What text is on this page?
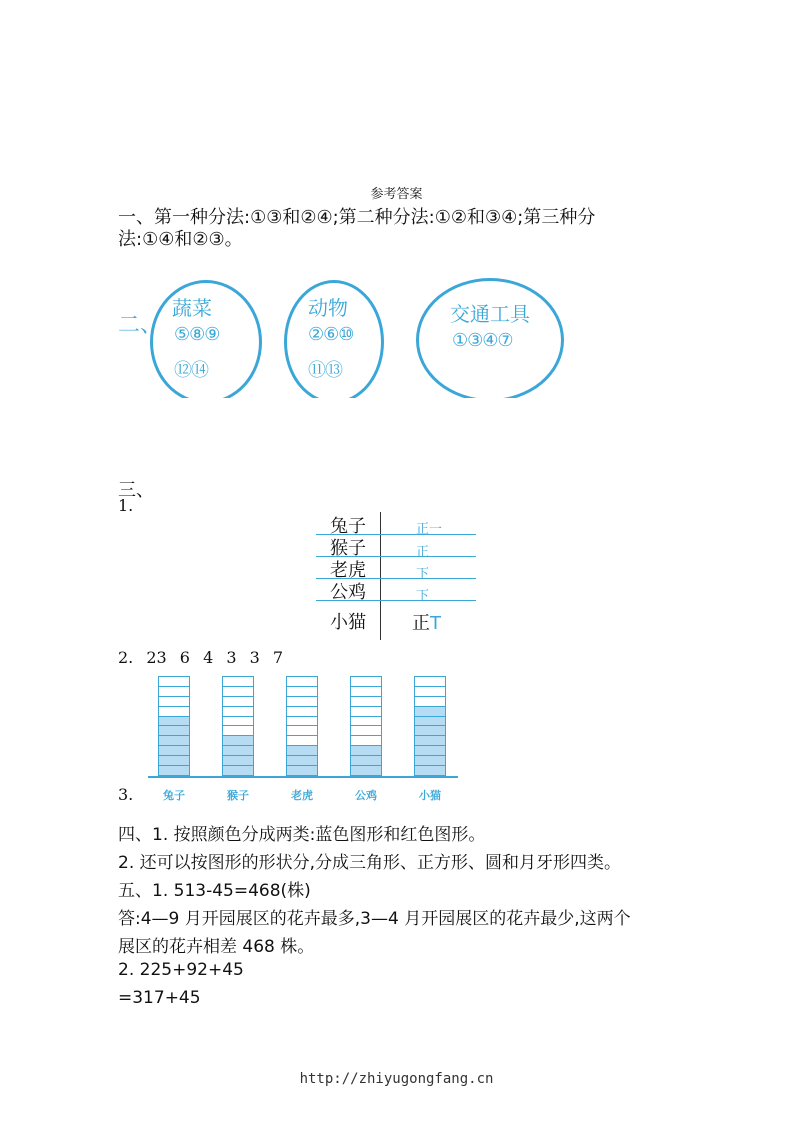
参考答案
一、第一种分法:①③和②④;第二种分法:①②和③④;第三种分
法:①④和②③。
二、
蔬菜
⑤⑧⑨
⑫⑭
动物
②⑥⑩
⑪⑬
交通工具
①③④⑦
三、
1.
兔子	正一
猴子	正
老虎	下
公鸡	下
小猫	正T
2. 23 6 4 3 3 7
兔子	猴子	老虎	公鸡	小猫
3.
四、1. 按照颜色分成两类:蓝色图形和红色图形。
2. 还可以按图形的形状分,分成三角形、正方形、圆和月牙形四类。
五、1. 513-45=468(株)
答:4—9 月开园展区的花卉最多,3—4 月开园展区的花卉最少,这两个
展区的花卉相差 468 株。
2. 225+92+45
=317+45
http://zhiyugongfang.cn
